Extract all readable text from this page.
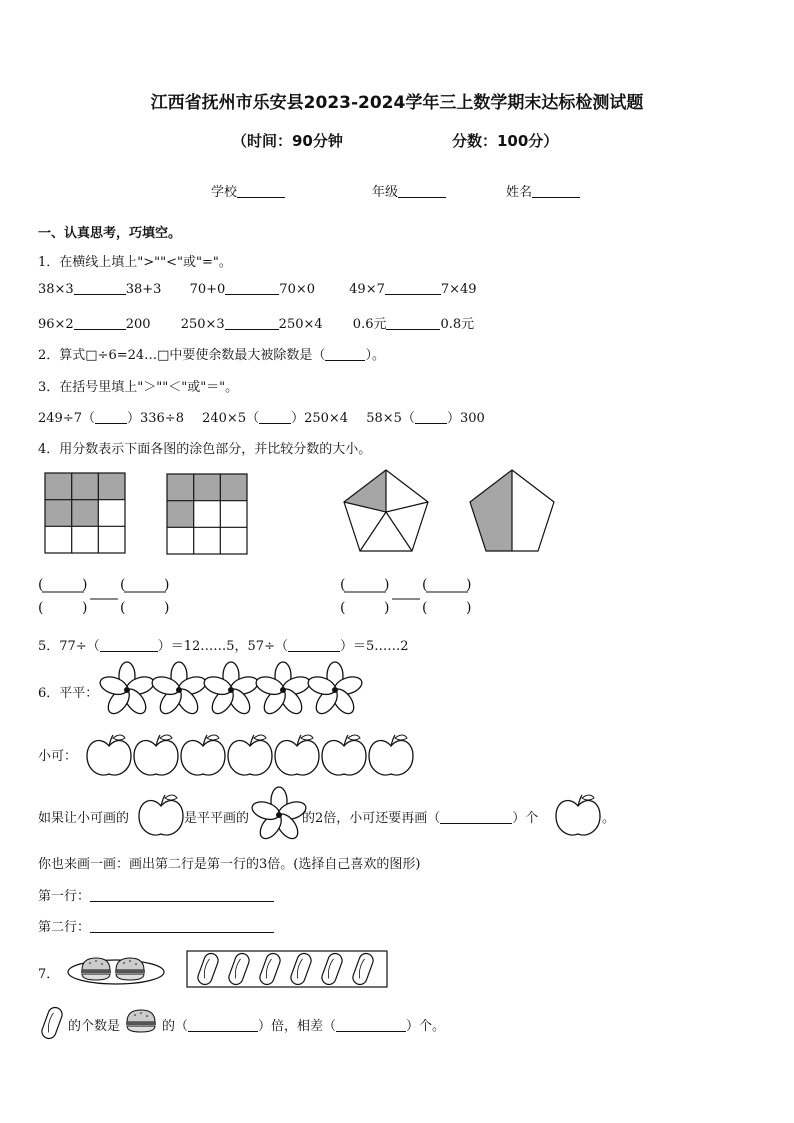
江西省抚州市乐安县2023-2024学年三上数学期末达标检测试题
（时间：90分钟	分数：100分）
学校	年级	姓名
一、认真思考，巧填空。
1．在横线上填上">""<"或"="。
38×3	38+3 70+0	70×0	49×7	7×49
96×2	200 250×3	250×4 0.6元	0.8元
2．算式□÷6=24…□中要使余数最大被除数是（	）。
3．在括号里填上"＞""＜"或"＝"。
249÷7（ ）336÷8 240×5（ ）250×4 58×5（ ）300
4．用分数表示下面各图的涂色部分，并比较分数的大小。
(	)
(	)
(	)
(	)
(	)
(	)
(	)
(	)
5．77÷（	）＝12……5，57÷（	）＝5……2
6．平平：
小可：
如果让小可画的	是平平画的	的2倍，小可还要再画（	）个	。
你也来画一画：画出第二行是第一行的3倍。(选择自己喜欢的图形)
第一行：
第二行：
7．
的个数是	的（	）倍，相差（	）个。
